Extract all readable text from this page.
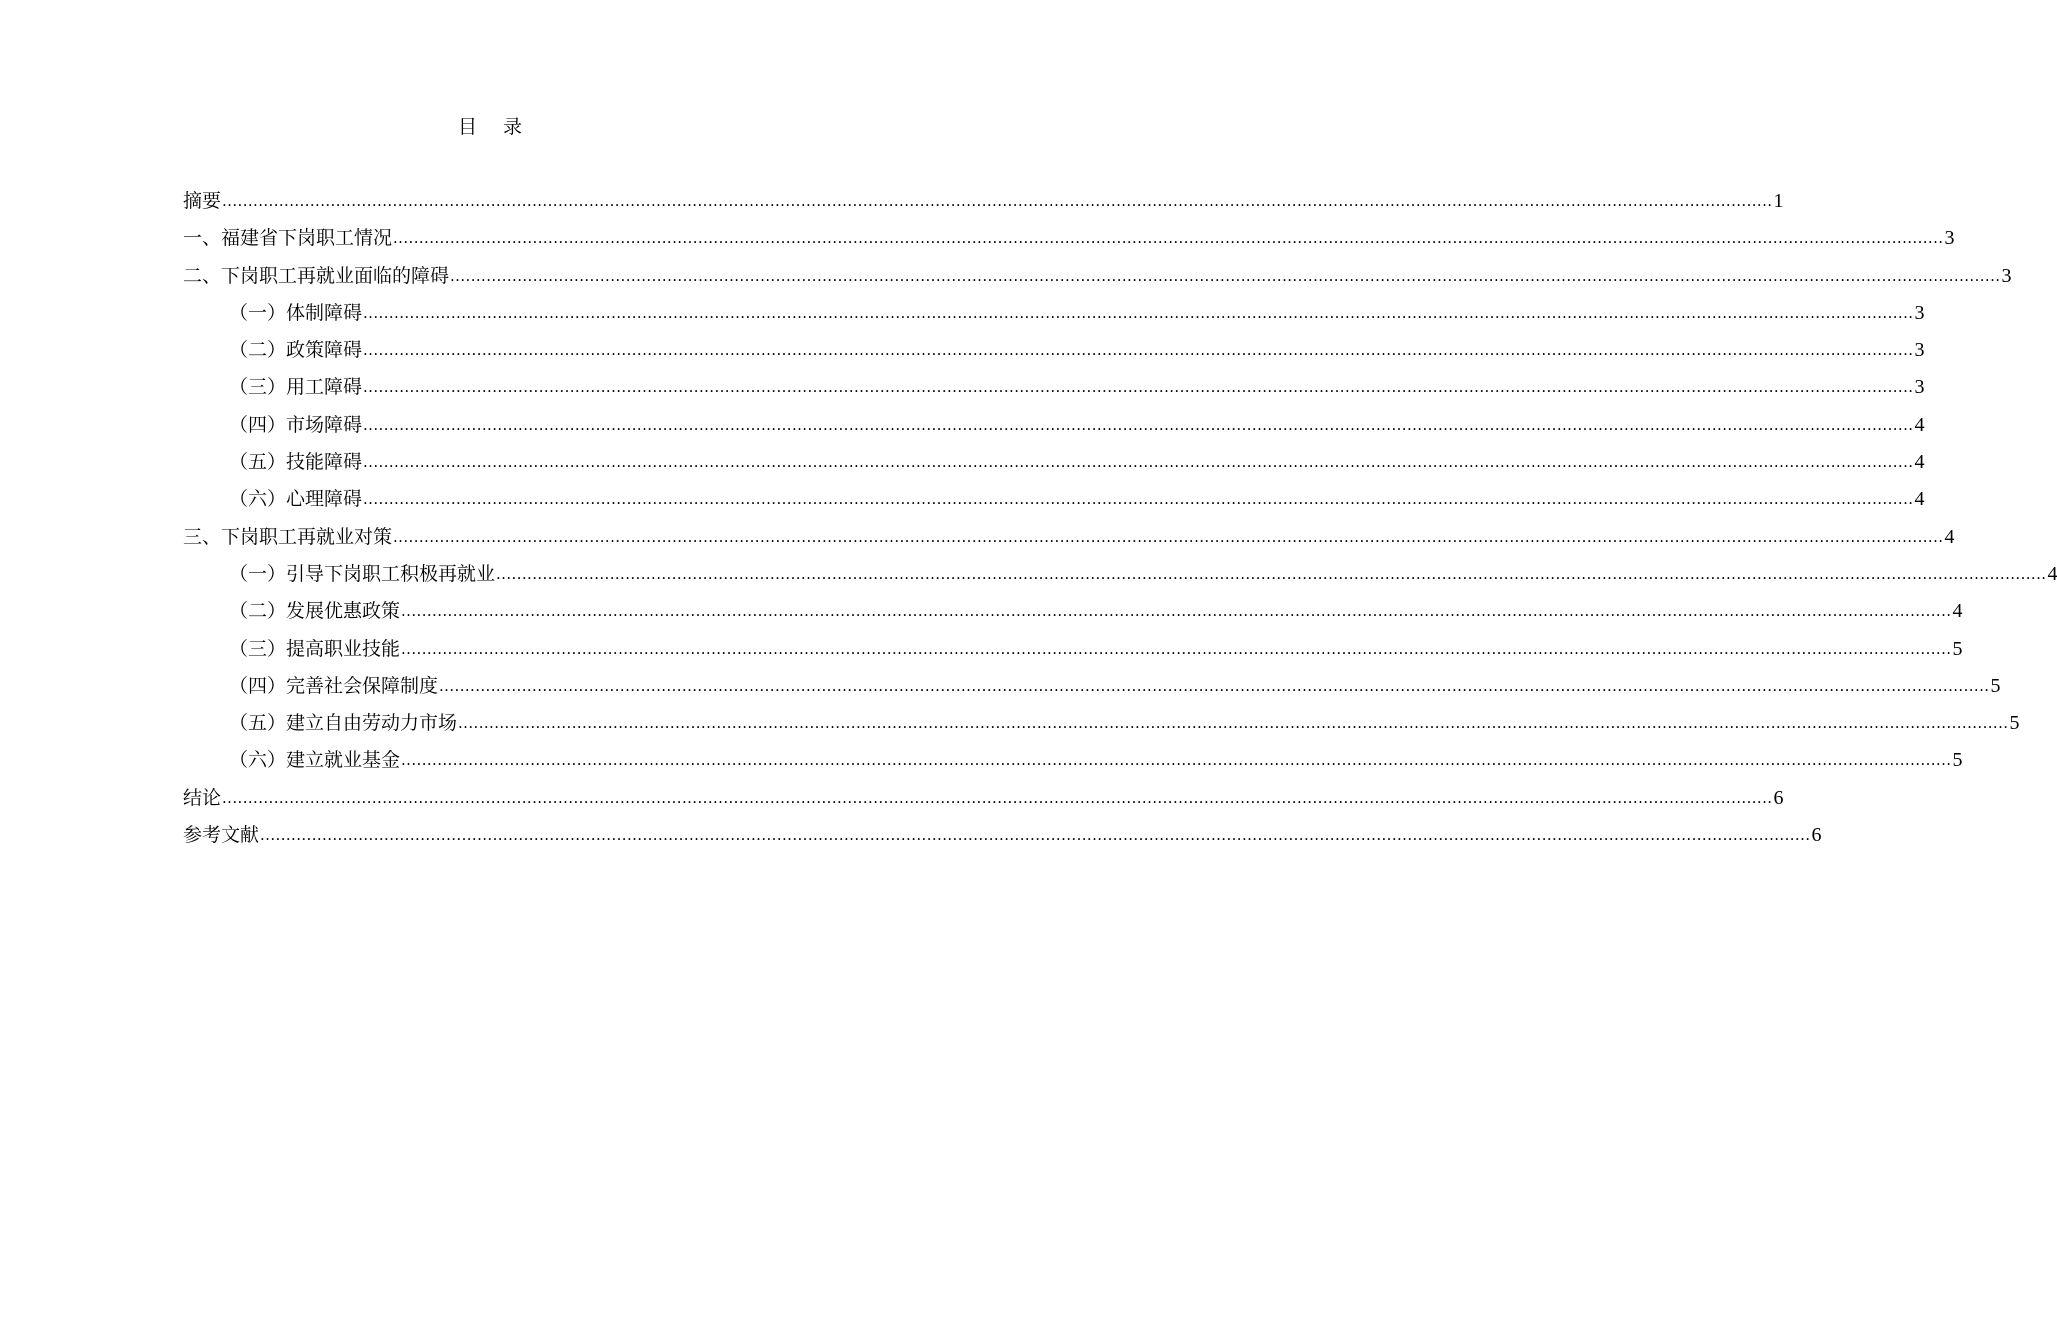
目 录
摘要 ............................................................................................................................................................................................................................................................................................................ 1
一、福建省下岗职工情况 ............................................................................................................................................................................................................................................................................................................ 3
二、下岗职工再就业面临的障碍 ............................................................................................................................................................................................................................................................................................................ 3
（一）体制障碍 ............................................................................................................................................................................................................................................................................................................ 3
（二）政策障碍 ............................................................................................................................................................................................................................................................................................................ 3
（三）用工障碍 ............................................................................................................................................................................................................................................................................................................ 3
（四）市场障碍 ............................................................................................................................................................................................................................................................................................................ 4
（五）技能障碍 ............................................................................................................................................................................................................................................................................................................ 4
（六）心理障碍 ............................................................................................................................................................................................................................................................................................................ 4
三、下岗职工再就业对策 ............................................................................................................................................................................................................................................................................................................ 4
（一）引导下岗职工积极再就业 ............................................................................................................................................................................................................................................................................................................ 4
（二）发展优惠政策 ............................................................................................................................................................................................................................................................................................................ 4
（三）提高职业技能 ............................................................................................................................................................................................................................................................................................................ 5
（四）完善社会保障制度 ............................................................................................................................................................................................................................................................................................................ 5
（五）建立自由劳动力市场 ............................................................................................................................................................................................................................................................................................................ 5
（六）建立就业基金 ............................................................................................................................................................................................................................................................................................................ 5
结论 ............................................................................................................................................................................................................................................................................................................ 6
参考文献 ............................................................................................................................................................................................................................................................................................................ 6
